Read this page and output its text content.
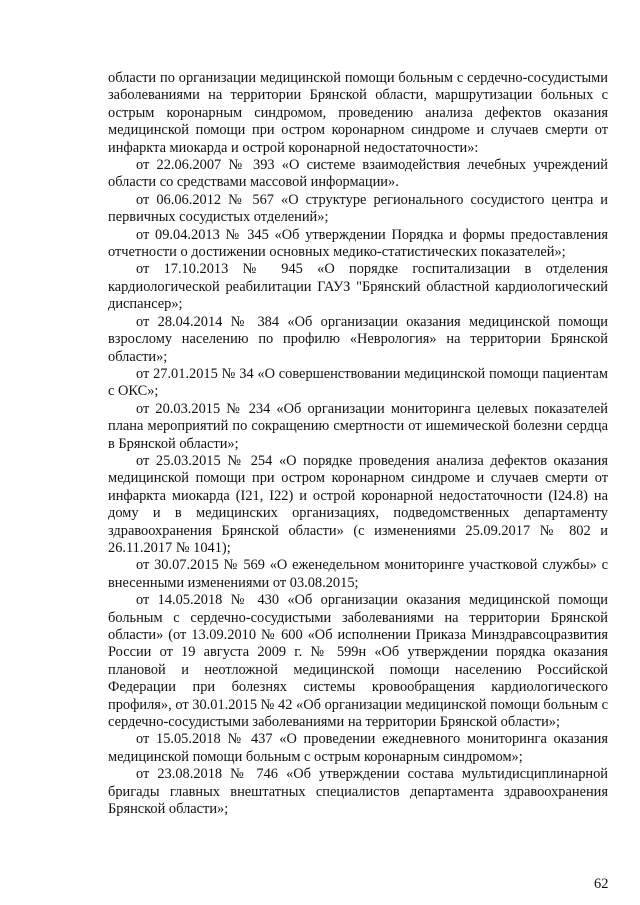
области по организации медицинской помощи больным с сердечно-сосудистыми заболеваниями на территории Брянской области, маршрутизации больных с острым коронарным синдромом, проведению анализа дефектов оказания медицинской помощи при остром коронарном синдроме и случаев смерти от инфаркта миокарда и острой коронарной недостаточности»:

от 22.06.2007 № 393 «О системе взаимодействия лечебных учреждений области со средствами массовой информации».

от 06.06.2012 № 567 «О структуре регионального сосудистого центра и первичных сосудистых отделений»;

от 09.04.2013 № 345 «Об утверждении Порядка и формы предоставления отчетности о достижении основных медико-статистических показателей»;

от 17.10.2013 № 945 «О порядке госпитализации в отделения кардиологической реабилитации ГАУЗ "Брянский областной кардиологический диспансер»;

от 28.04.2014 № 384 «Об организации оказания медицинской помощи взрослому населению по профилю «Неврология» на территории Брянской области»;

от 27.01.2015 № 34 «О совершенствовании медицинской помощи пациентам с ОКС»;

от 20.03.2015 № 234 «Об организации мониторинга целевых показателей плана мероприятий по сокращению смертности от ишемической болезни сердца в Брянской области»;

от 25.03.2015 № 254 «О порядке проведения анализа дефектов оказания медицинской помощи при остром коронарном синдроме и случаев смерти от инфаркта миокарда (I21, I22) и острой коронарной недостаточности (I24.8) на дому и в медицинских организациях, подведомственных департаменту здравоохранения Брянской области» (с изменениями 25.09.2017 № 802 и 26.11.2017 № 1041);

от 30.07.2015 № 569 «О еженедельном мониторинге участковой службы» с внесенными изменениями от 03.08.2015;

от 14.05.2018 № 430 «Об организации оказания медицинской помощи больным с сердечно-сосудистыми заболеваниями на территории Брянской области» (от 13.09.2010 № 600 «Об исполнении Приказа Минздравсоцразвития России от 19 августа 2009 г. № 599н «Об утверждении порядка оказания плановой и неотложной медицинской помощи населению Российской Федерации при болезнях системы кровообращения кардиологического профиля», от 30.01.2015 № 42 «Об организации медицинской помощи больным с сердечно-сосудистыми заболеваниями на территории Брянской области»;

от 15.05.2018 № 437 «О проведении ежедневного мониторинга оказания медицинской помощи больным с острым коронарным синдромом»;

от 23.08.2018 № 746 «Об утверждении состава мультидисциплинарной бригады главных внештатных специалистов департамента здравоохранения Брянской области»;

62
